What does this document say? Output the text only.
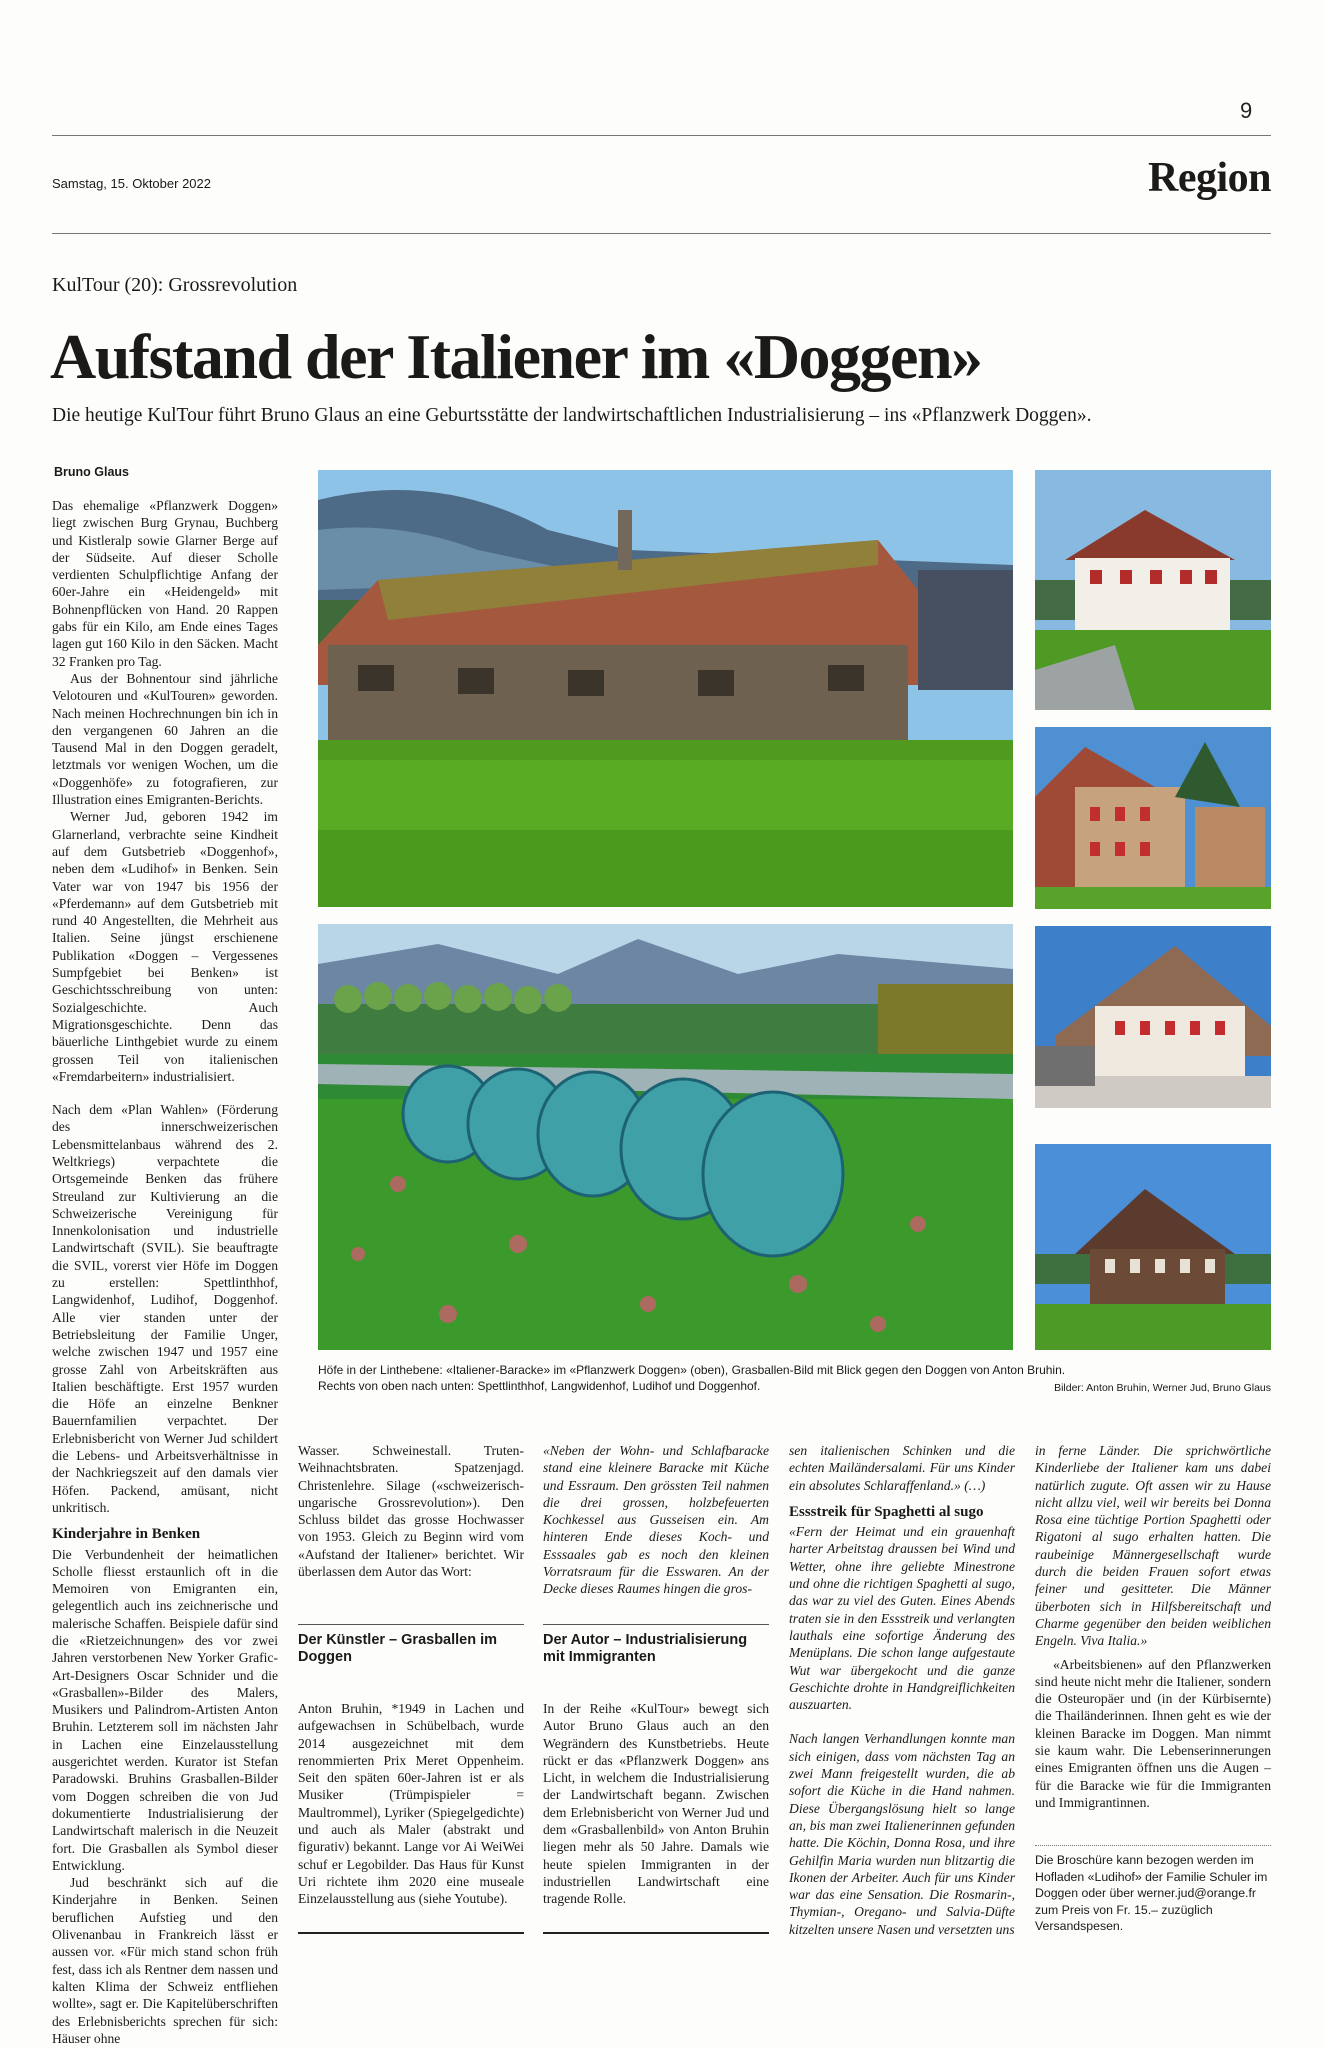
9
Samstag, 15. Oktober 2022	Region
KulTour (20): Grossrevolution
Aufstand der Italiener im «Doggen»
Die heutige KulTour führt Bruno Glaus an eine Geburtsstätte der landwirtschaftlichen Industrialisierung – ins «Pflanzwerk Doggen».
Bruno Glaus

Das ehemalige «Pflanzwerk Doggen» liegt zwischen Burg Grynau, Buchberg und Kistleralp sowie Glarner Berge auf der Südseite. Auf dieser Scholle verdienten Schulpflichtige Anfang der 60er-Jahre ein «Heidengeld» mit Bohnenpflücken von Hand. 20 Rappen gabs für ein Kilo, am Ende eines Tages lagen gut 160 Kilo in den Säcken. Macht 32 Franken pro Tag.

Aus der Bohnentour sind jährliche Velotouren und «KulTouren» geworden. Nach meinen Hochrechnungen bin ich in den vergangenen 60 Jahren an die Tausend Mal in den Doggen geradelt, letztmals vor wenigen Wochen, um die «Doggenhöfe» zu fotografieren, zur Illustration eines Emigranten-Berichts.

Werner Jud, geboren 1942 im Glarnerland, verbrachte seine Kindheit auf dem Gutsbetrieb «Doggenhof», neben dem «Ludihof» in Benken. Sein Vater war von 1947 bis 1956 der «Pferdemann» auf dem Gutsbetrieb mit rund 40 Angestellten, die Mehrheit aus Italien. Seine jüngst erschienene Publikation «Doggen – Vergessenes Sumpfgebiet bei Benken» ist Geschichtsschreibung von unten: Sozialgeschichte. Auch Migrationsgeschichte. Denn das bäuerliche Linthgebiet wurde zu einem grossen Teil von italienischen «Fremdarbeitern» industrialisiert.

Nach dem «Plan Wahlen» (Förderung des innerschweizerischen Lebensmittelanbaus während des 2. Weltkriegs) verpachtete die Ortsgemeinde Benken das frühere Streuland zur Kultivierung an die Schweizerische Vereinigung für Innenkolonisation und industrielle Landwirtschaft (SVIL). Sie beauftragte die SVIL, vorerst vier Höfe im Doggen zu erstellen: Spettlinthhof, Langwidenhof, Ludihof, Doggenhof. Alle vier standen unter der Betriebsleitung der Familie Unger, welche zwischen 1947 und 1957 eine grosse Zahl von Arbeitskräften aus Italien beschäftigte. Erst 1957 wurden die Höfe an einzelne Benkner Bauernfamilien verpachtet. Der Erlebnisbericht von Werner Jud schildert die Lebens- und Arbeitsverhältnisse in der Nachkriegszeit auf den damals vier Höfen. Packend, amüsant, nicht unkritisch.

Kinderjahre in Benken

Die Verbundenheit der heimatlichen Scholle fliesst erstaunlich oft in die Memoiren von Emigranten ein, gelegentlich auch ins zeichnerische und malerische Schaffen. Beispiele dafür sind die «Rietzeichnungen» des vor zwei Jahren verstorbenen New Yorker Grafic-Art-Designers Oscar Schnider und die «Grasballen»-Bilder des Malers, Musikers und Palindrom-Artisten Anton Bruhin. Letzterem soll im nächsten Jahr in Lachen eine Einzelausstellung ausgerichtet werden. Kurator ist Stefan Paradowski. Bruhins Grasballen-Bilder vom Doggen schreiben die von Jud dokumentierte Industrialisierung der Landwirtschaft malerisch in die Neuzeit fort. Die Grasballen als Symbol dieser Entwicklung.

Jud beschränkt sich auf die Kinderjahre in Benken. Seinen beruflichen Aufstieg und den Olivenanbau in Frankreich lässt er aussen vor. «Für mich stand schon früh fest, dass ich als Rentner dem nassen und kalten Klima der Schweiz entfliehen wollte», sagt er. Die Kapitelüberschriften des Erlebnisberichts sprechen für sich: Häuser ohne

Höfe in der Linthebene: «Italiener-Baracke» im «Pflanzwerk Doggen» (oben), Grasballen-Bild mit Blick gegen den Doggen von Anton Bruhin.
Rechts von oben nach unten: Spettlinthhof, Langwidenhof, Ludihof und Doggenhof.	Bilder: Anton Bruhin, Werner Jud, Bruno Glaus

Wasser. Schweinestall. Truten-Weihnachtsbraten. Spatzenjagd. Christenlehre. Silage («schweizerisch-ungarische Grossrevolution»). Den Schluss bildet das grosse Hochwasser von 1953. Gleich zu Beginn wird vom «Aufstand der Italiener» berichtet. Wir überlassen dem Autor das Wort:

Der Künstler – Grasballen im Doggen

Anton Bruhin, *1949 in Lachen und aufgewachsen in Schübelbach, wurde 2014 ausgezeichnet mit dem renommierten Prix Meret Oppenheim. Seit den späten 60er-Jahren ist er als Musiker (Trümpispieler = Maultrommel), Lyriker (Spiegelgedichte) und auch als Maler (abstrakt und figurativ) bekannt. Lange vor Ai WeiWei schuf er Legobilder. Das Haus für Kunst Uri richtete ihm 2020 eine museale Einzelausstellung aus (siehe Youtube).

«Neben der Wohn- und Schlafbaracke stand eine kleinere Baracke mit Küche und Essraum. Den grössten Teil nahmen die drei grossen, holzbefeuerten Kochkessel aus Gusseisen ein. Am hinteren Ende dieses Koch- und Esssaales gab es noch den kleinen Vorratsraum für die Esswaren. An der Decke dieses Raumes hingen die gros-

Der Autor – Industrialisierung mit Immigranten

In der Reihe «KulTour» bewegt sich Autor Bruno Glaus auch an den Wegrändern des Kunstbetriebs. Heute rückt er das «Pflanzwerk Doggen» ans Licht, in welchem die Industrialisierung der Landwirtschaft begann. Zwischen dem Erlebnisbericht von Werner Jud und dem «Grasballenbild» von Anton Bruhin liegen mehr als 50 Jahre. Damals wie heute spielen Immigranten in der industriellen Landwirtschaft eine tragende Rolle.

sen italienischen Schinken und die echten Mailändersalami. Für uns Kinder ein absolutes Schlaraffenland.» (…)

Essstreik für Spaghetti al sugo

«Fern der Heimat und ein grauenhaft harter Arbeitstag draussen bei Wind und Wetter, ohne ihre geliebte Minestrone und ohne die richtigen Spaghetti al sugo, das war zu viel des Guten. Eines Abends traten sie in den Essstreik und verlangten lauthals eine sofortige Änderung des Menüplans. Die schon lange aufgestaute Wut war übergekocht und die ganze Geschichte drohte in Handgreiflichkeiten auszuarten.

Nach langen Verhandlungen konnte man sich einigen, dass vom nächsten Tag an zwei Mann freigestellt wurden, die ab sofort die Küche in die Hand nahmen. Diese Übergangslösung hielt so lange an, bis man zwei Italienerinnen gefunden hatte. Die Köchin, Donna Rosa, und ihre Gehilfin Maria wurden nun blitzartig die Ikonen der Arbeiter. Auch für uns Kinder war das eine Sensation. Die Rosmarin-, Thymian-, Oregano- und Salvia-Düfte kitzelten unsere Nasen und versetzten uns

in ferne Länder. Die sprichwörtliche Kinderliebe der Italiener kam uns dabei natürlich zugute. Oft assen wir zu Hause nicht allzu viel, weil wir bereits bei Donna Rosa eine tüchtige Portion Spaghetti oder Rigatoni al sugo erhalten hatten. Die raubeinige Männergesellschaft wurde durch die beiden Frauen sofort etwas feiner und gesitteter. Die Männer überboten sich in Hilfsbereitschaft und Charme gegenüber den beiden weiblichen Engeln. Viva Italia.»

«Arbeitsbienen» auf den Pflanzwerken sind heute nicht mehr die Italiener, sondern die Osteuropäer und (in der Kürbisernte) die Thailänderinnen. Ihnen geht es wie der kleinen Baracke im Doggen. Man nimmt sie kaum wahr. Die Lebenserinnerungen eines Emigranten öffnen uns die Augen – für die Baracke wie für die Immigranten und Immigrantinnen.

Die Broschüre kann bezogen werden im Hofladen «Ludihof» der Familie Schuler im Doggen oder über werner.jud@orange.fr zum Preis von Fr. 15.– zuzüglich Versandspesen.
